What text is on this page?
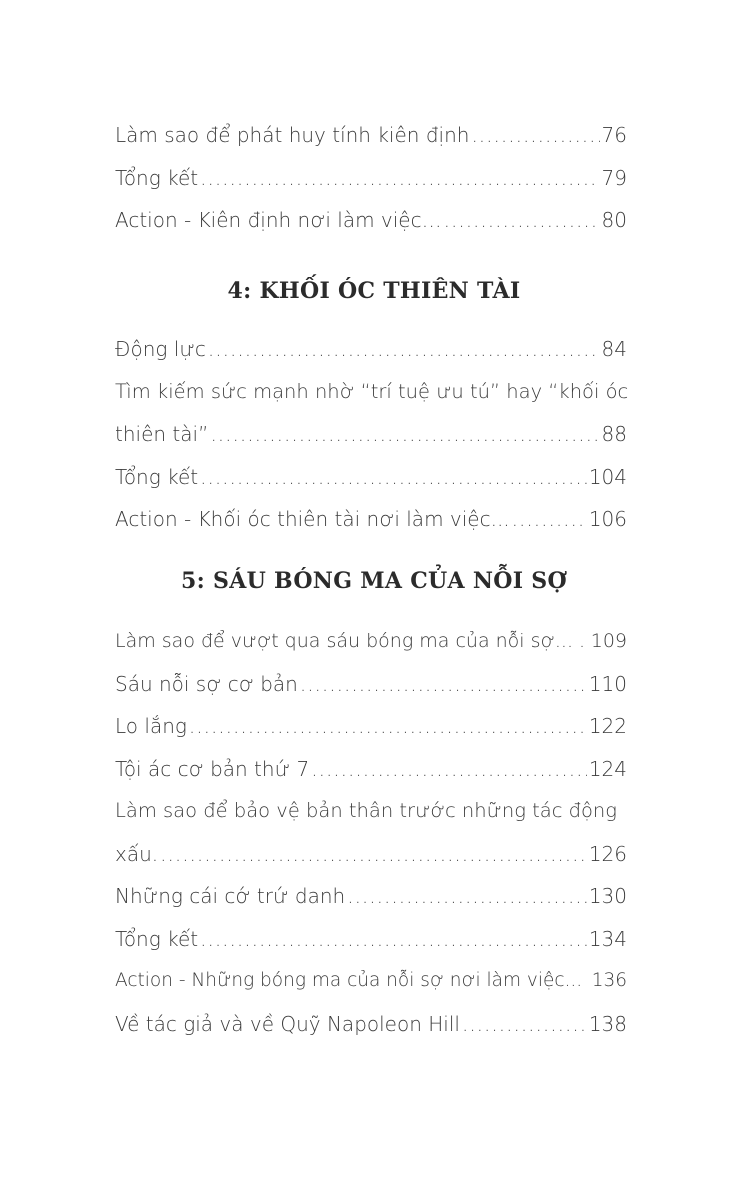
Làm sao để phát huy tính kiên định .....	76
Tổng kết .....	79
Action - Kiên định nơi làm việc… .....	80
4: KHỐI ÓC THIÊN TÀI
Động lực .....	84
Tìm kiếm sức mạnh nhờ “trí tuệ ưu tú” hay “khối óc
thiên tài” .....	88
Tổng kết .....	104
Action - Khối óc thiên tài nơi làm việc... .....	106
5: SÁU BÓNG MA CỦA NỖI SỢ
Làm sao để vượt qua sáu bóng ma của nỗi sợ... . 109
Sáu nỗi sợ cơ bản .....	110
Lo lắng .....	122
Tội ác cơ bản thứ 7 .....	124
Làm sao để bảo vệ bản thân trước những tác động
xấu. .....	126
Những cái cớ trứ danh .....	130
Tổng kết .....	134
Action - Những bóng ma của nỗi sợ nơi làm việc... 136
Về tác giả và về Quỹ Napoleon Hill .....	138
